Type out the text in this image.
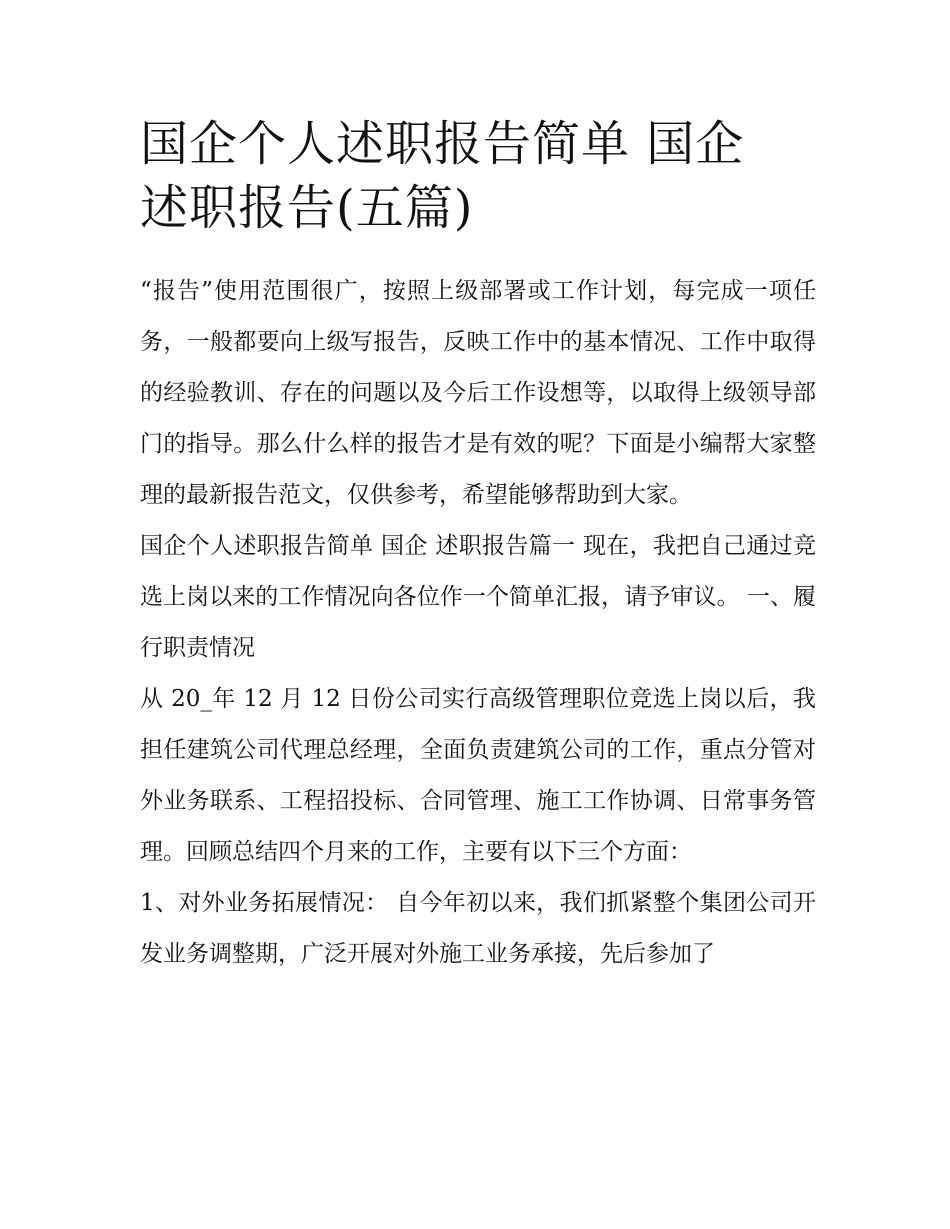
国企个人述职报告简单 国企
述职报告(五篇)

“报告”使用范围很广，按照上级部署或工作计划，每完成一项任务，一般都要向上级写报告，反映工作中的基本情况、工作中取得的经验教训、存在的问题以及今后工作设想等，以取得上级领导部门的指导。那么什么样的报告才是有效的呢？下面是小编帮大家整理的最新报告范文，仅供参考，希望能够帮助到大家。

国企个人述职报告简单 国企 述职报告篇一 现在，我把自己通过竞选上岗以来的工作情况向各位作一个简单汇报，请予审议。 一、履行职责情况

从 20_年 12 月 12 日份公司实行高级管理职位竞选上岗以后，我担任建筑公司代理总经理，全面负责建筑公司的工作，重点分管对外业务联系、工程招投标、合同管理、施工工作协调、日常事务管理。回顾总结四个月来的工作，主要有以下三个方面：

1、对外业务拓展情况： 自今年初以来，我们抓紧整个集团公司开发业务调整期，广泛开展对外施工业务承接，先后参加了
